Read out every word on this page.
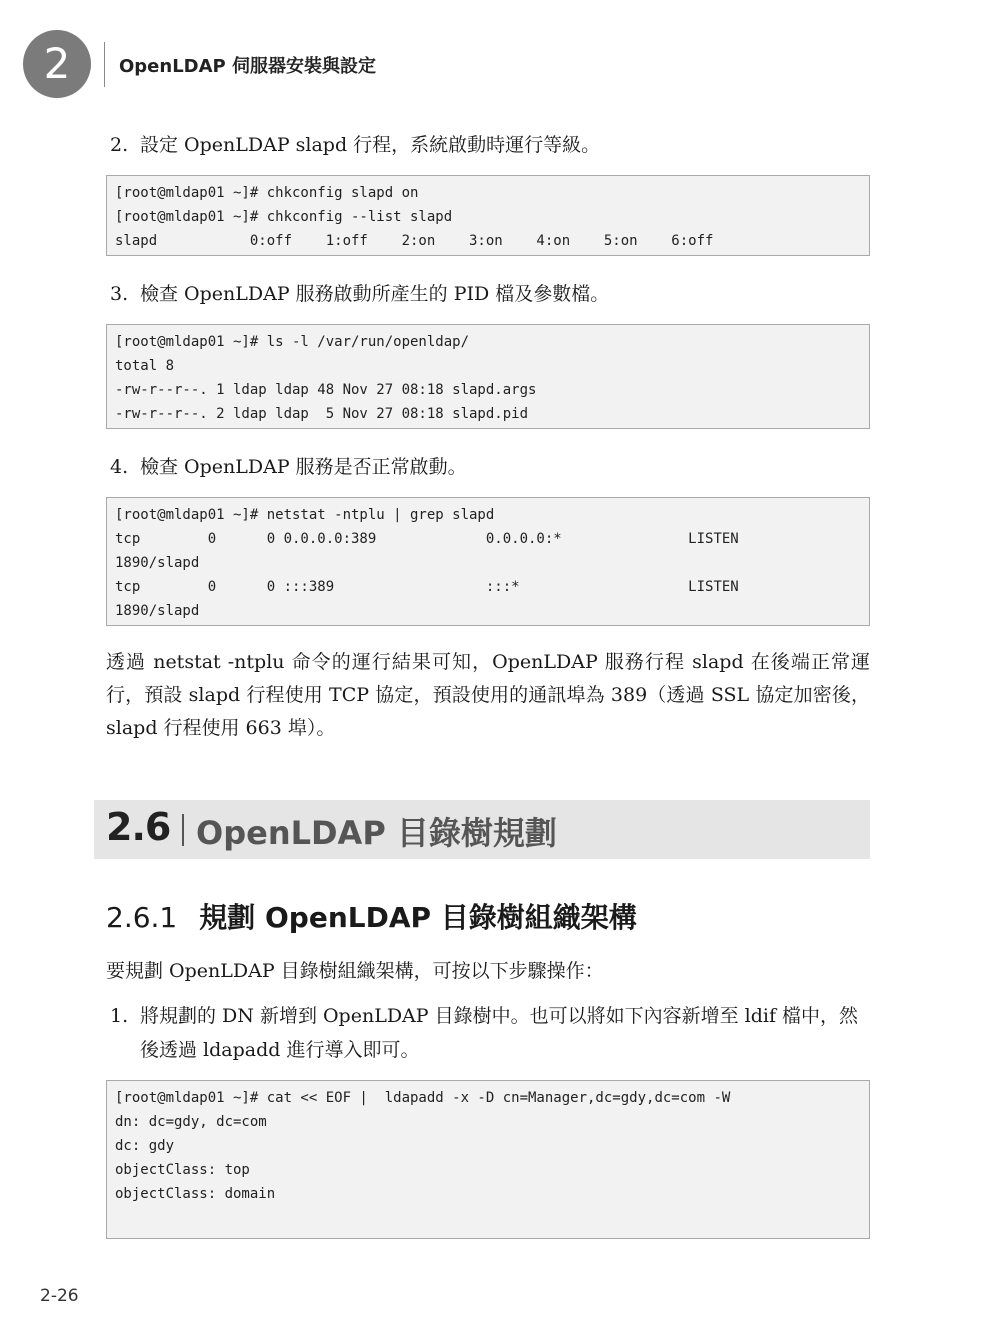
2	OpenLDAP 伺服器安裝與設定
2. 設定 OpenLDAP slapd 行程，系統啟動時運行等級。
[root@mldap01 ~]# chkconfig slapd on
[root@mldap01 ~]# chkconfig --list slapd
slapd           0:off    1:off    2:on    3:on    4:on    5:on    6:off
3. 檢查 OpenLDAP 服務啟動所產生的 PID 檔及參數檔。
[root@mldap01 ~]# ls -l /var/run/openldap/
total 8
-rw-r--r--. 1 ldap ldap 48 Nov 27 08:18 slapd.args
-rw-r--r--. 2 ldap ldap  5 Nov 27 08:18 slapd.pid
4. 檢查 OpenLDAP 服務是否正常啟動。
[root@mldap01 ~]# netstat -ntplu | grep slapd
tcp        0      0 0.0.0.0:389             0.0.0.0:*               LISTEN
1890/slapd
tcp        0      0 :::389                  :::*                    LISTEN
1890/slapd
透過 netstat -ntplu 命令的運行結果可知，OpenLDAP 服務行程 slapd 在後端正常運行，預設 slapd 行程使用 TCP 協定，預設使用的通訊埠為 389（透過 SSL 協定加密後，slapd 行程使用 663 埠）。
2.6 OpenLDAP 目錄樹規劃
2.6.1 規劃 OpenLDAP 目錄樹組織架構
要規劃 OpenLDAP 目錄樹組織架構，可按以下步驟操作：
1. 將規劃的 DN 新增到 OpenLDAP 目錄樹中。也可以將如下內容新增至 ldif 檔中，然後透過 ldapadd 進行導入即可。
[root@mldap01 ~]# cat << EOF |  ldapadd -x -D cn=Manager,dc=gdy,dc=com -W
dn: dc=gdy, dc=com
dc: gdy
objectClass: top
objectClass: domain
2-26
